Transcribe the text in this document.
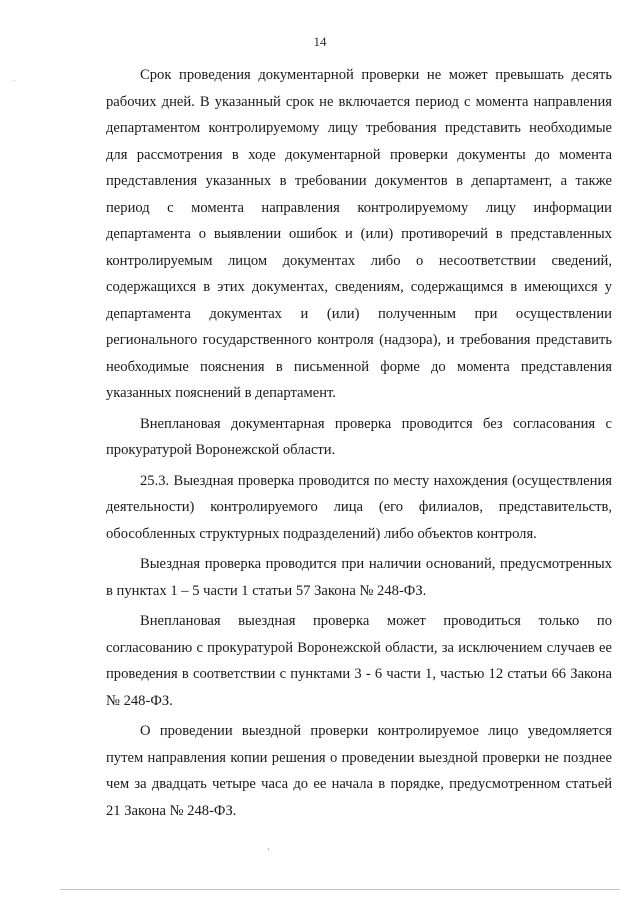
14

Срок проведения документарной проверки не может превышать десять рабочих дней. В указанный срок не включается период с момента направления департаментом контролируемому лицу требования представить необходимые для рассмотрения в ходе документарной проверки документы до момента представления указанных в требовании документов в департамент, а также период с момента направления контролируемому лицу информации департамента о выявлении ошибок и (или) противоречий в представленных контролируемым лицом документах либо о несоответствии сведений, содержащихся в этих документах, сведениям, содержащимся в имеющихся у департамента документах и (или) полученным при осуществлении регионального государственного контроля (надзора), и требования представить необходимые пояснения в письменной форме до момента представления указанных пояснений в департамент.

Внеплановая документарная проверка проводится без согласования с прокуратурой Воронежской области.

25.3. Выездная проверка проводится по месту нахождения (осуществления деятельности) контролируемого лица (его филиалов, представительств, обособленных структурных подразделений) либо объектов контроля.

Выездная проверка проводится при наличии оснований, предусмотренных в пунктах 1 – 5 части 1 статьи 57 Закона № 248-ФЗ.

Внеплановая выездная проверка может проводиться только по согласованию с прокуратурой Воронежской области, за исключением случаев ее проведения в соответствии с пунктами 3 - 6 части 1, частью 12 статьи 66 Закона № 248-ФЗ.

О проведении выездной проверки контролируемое лицо уведомляется путем направления копии решения о проведении выездной проверки не позднее чем за двадцать четыре часа до ее начала в порядке, предусмотренном статьей 21 Закона № 248-ФЗ.
